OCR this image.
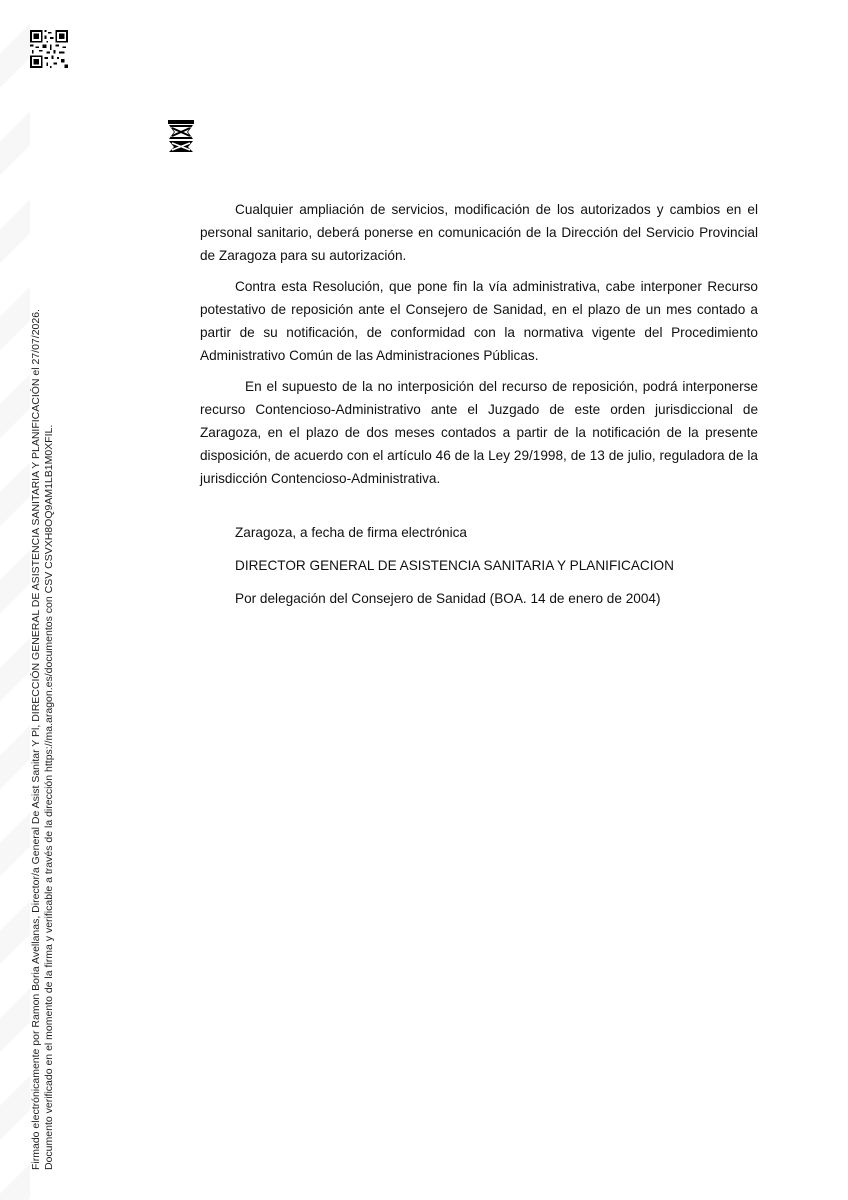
Firmado electrónicamente por Ramon Boria Avellanas, Director/a General De Asist Sanitar Y Pl, DIRECCIÓN GENERAL DE ASISTENCIA SANITARIA Y PLANIFICACIÓN el 27/07/2026. Documento verificado en el momento de la firma y verificable a través de la dirección https://ma.aragon.es/documentos con CSV CSVXH8OQ9AM1LB1M0XFIL.

Cualquier ampliación de servicios, modificación de los autorizados y cambios en el personal sanitario, deberá ponerse en comunicación de la Dirección del Servicio Provincial de Zaragoza para su autorización.

Contra esta Resolución, que pone fin la vía administrativa, cabe interponer Recurso potestativo de reposición ante el Consejero de Sanidad, en el plazo de un mes contado a partir de su notificación, de conformidad con la normativa vigente del Procedimiento Administrativo Común de las Administraciones Públicas.

En el supuesto de la no interposición del recurso de reposición, podrá interponerse recurso Contencioso-Administrativo ante el Juzgado de este orden jurisdiccional de Zaragoza, en el plazo de dos meses contados a partir de la notificación de la presente disposición, de acuerdo con el artículo 46 de la Ley 29/1998, de 13 de julio, reguladora de la jurisdicción Contencioso-Administrativa.

Zaragoza, a fecha de firma electrónica
DIRECTOR GENERAL DE ASISTENCIA SANITARIA Y PLANIFICACION
Por delegación del Consejero de Sanidad (BOA. 14 de enero de 2004)
